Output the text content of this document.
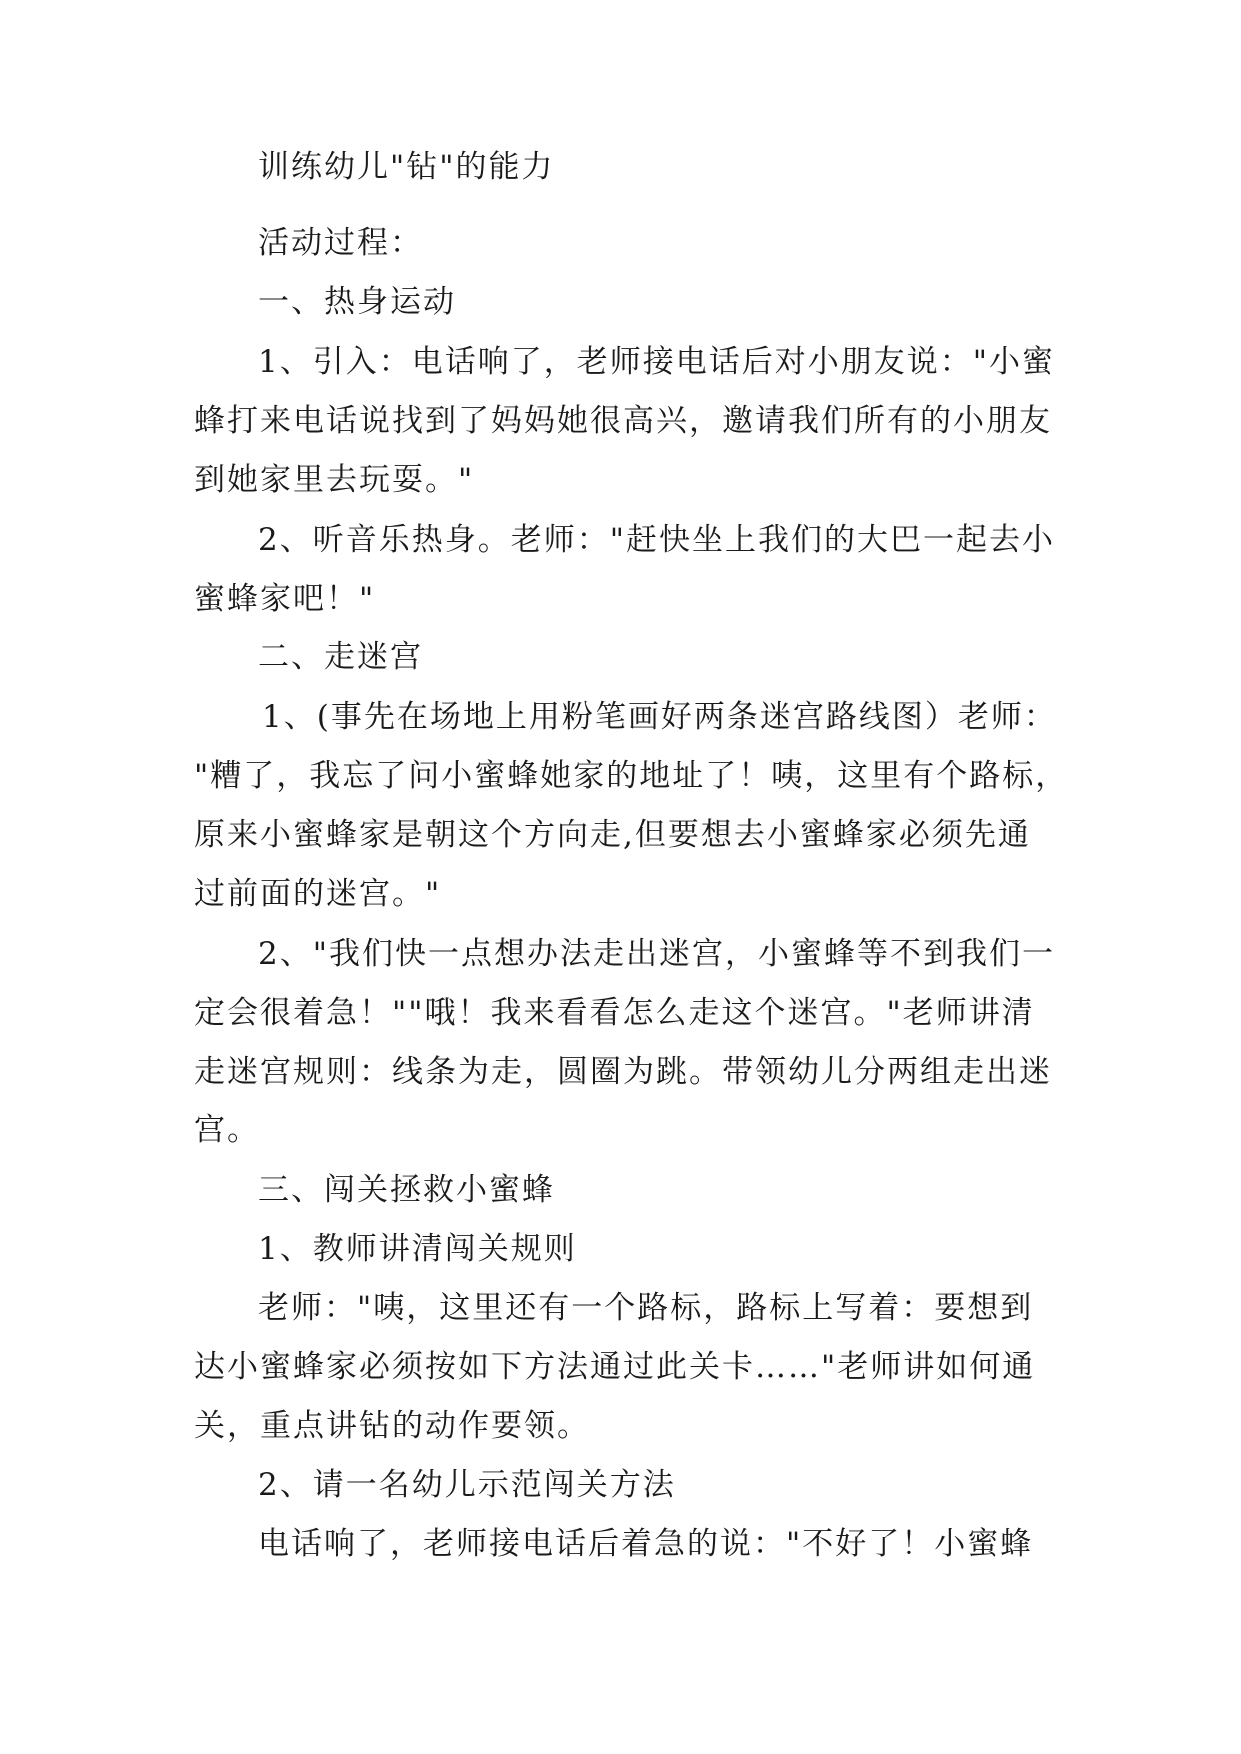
训练幼儿"钻"的能力
活动过程：
一、热身运动
1、引入：电话响了，老师接电话后对小朋友说："小蜜
蜂打来电话说找到了妈妈她很高兴，邀请我们所有的小朋友
到她家里去玩耍。"
2、听音乐热身。老师："赶快坐上我们的大巴一起去小
蜜蜂家吧！"
二、走迷宫
1、(事先在场地上用粉笔画好两条迷宫路线图）老师：
"糟了，我忘了问小蜜蜂她家的地址了！咦，这里有个路标，
原来小蜜蜂家是朝这个方向走,但要想去小蜜蜂家必须先通
过前面的迷宫。"
2、"我们快一点想办法走出迷宫，小蜜蜂等不到我们一
定会很着急！""哦！我来看看怎么走这个迷宫。"老师讲清
走迷宫规则：线条为走，圆圈为跳。带领幼儿分两组走出迷
宫。
三、闯关拯救小蜜蜂
1、教师讲清闯关规则
老师："咦，这里还有一个路标，路标上写着：要想到
达小蜜蜂家必须按如下方法通过此关卡……"老师讲如何通
关，重点讲钻的动作要领。
2、请一名幼儿示范闯关方法
电话响了，老师接电话后着急的说："不好了！小蜜蜂
